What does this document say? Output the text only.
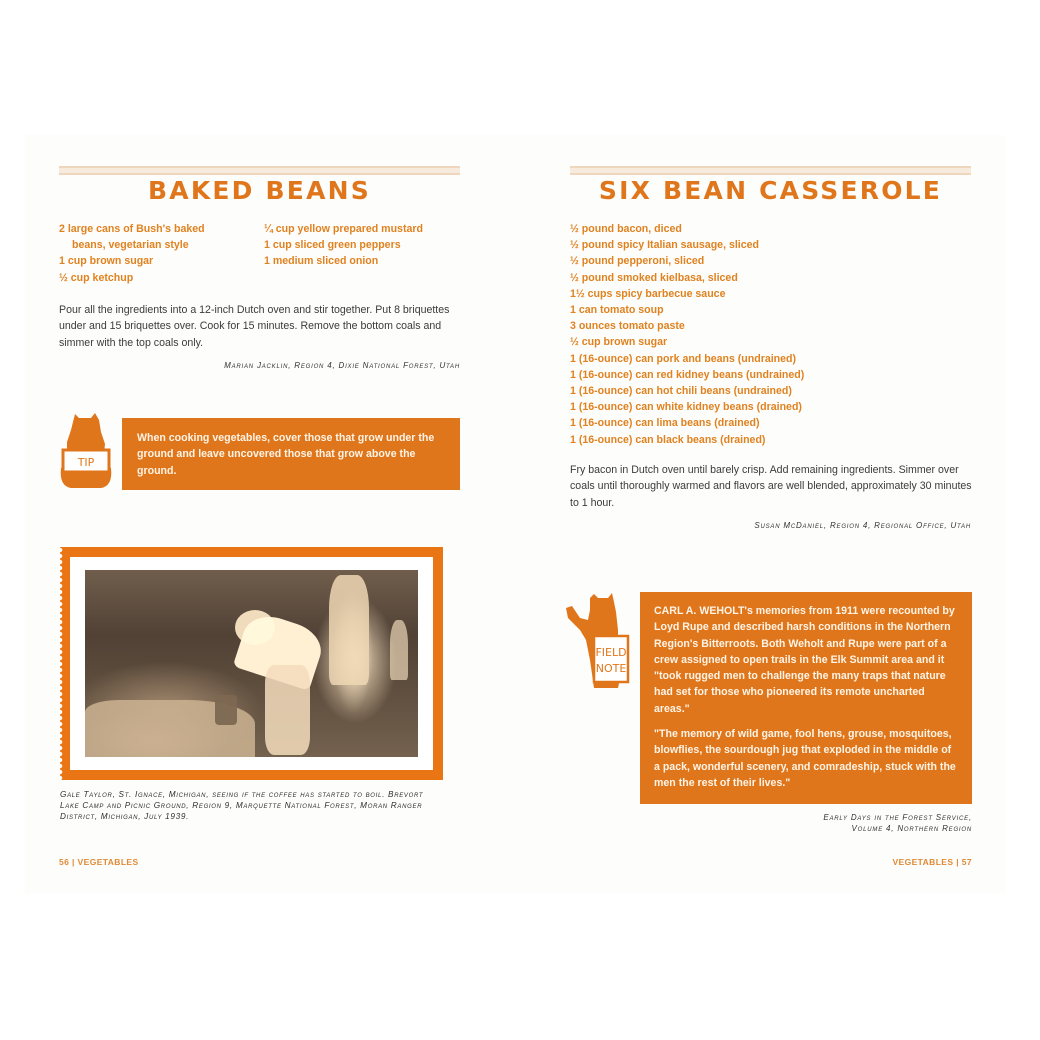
BAKED BEANS
2 large cans of Bush's baked
beans, vegetarian style
1 cup brown sugar
½ cup ketchup
¼ cup yellow prepared mustard
1 cup sliced green peppers
1 medium sliced onion

Pour all the ingredients into a 12-inch Dutch oven and stir together. Put 8 briquettes under and 15 briquettes over. Cook for 15 minutes. Remove the bottom coals and simmer with the top coals only.

Marian Jacklin, Region 4, Dixie National Forest, Utah

TIP

When cooking vegetables, cover those that grow under the ground and leave uncovered those that grow above the ground.

Gale Taylor, St. Ignace, Michigan, seeing if the coffee has started to boil. Brevort Lake Camp and Picnic Ground, Region 9, Marquette National Forest, Moran Ranger District, Michigan, July 1939.

56 | VEGETABLES

SIX BEAN CASSEROLE
½ pound bacon, diced
½ pound spicy Italian sausage, sliced
½ pound pepperoni, sliced
½ pound smoked kielbasa, sliced
1½ cups spicy barbecue sauce
1 can tomato soup
3 ounces tomato paste
½ cup brown sugar
1 (16-ounce) can pork and beans (undrained)
1 (16-ounce) can red kidney beans (undrained)
1 (16-ounce) can hot chili beans (undrained)
1 (16-ounce) can white kidney beans (drained)
1 (16-ounce) can lima beans (drained)
1 (16-ounce) can black beans (drained)

Fry bacon in Dutch oven until barely crisp. Add remaining ingredients. Simmer over coals until thoroughly warmed and flavors are well blended, approximately 30 minutes to 1 hour.

Susan McDaniel, Region 4, Regional Office, Utah

FIELD
NOTE

CARL A. WEHOLT's memories from 1911 were recounted by Loyd Rupe and described harsh conditions in the Northern Region's Bitterroots. Both Weholt and Rupe were part of a crew assigned to open trails in the Elk Summit area and it "took rugged men to challenge the many traps that nature had set for those who pioneered its remote uncharted areas."

"The memory of wild game, fool hens, grouse, mosquitoes, blowflies, the sourdough jug that exploded in the middle of a pack, wonderful scenery, and comradeship, stuck with the men the rest of their lives."

Early Days in the Forest Service,
Volume 4, Northern Region

VEGETABLES | 57
